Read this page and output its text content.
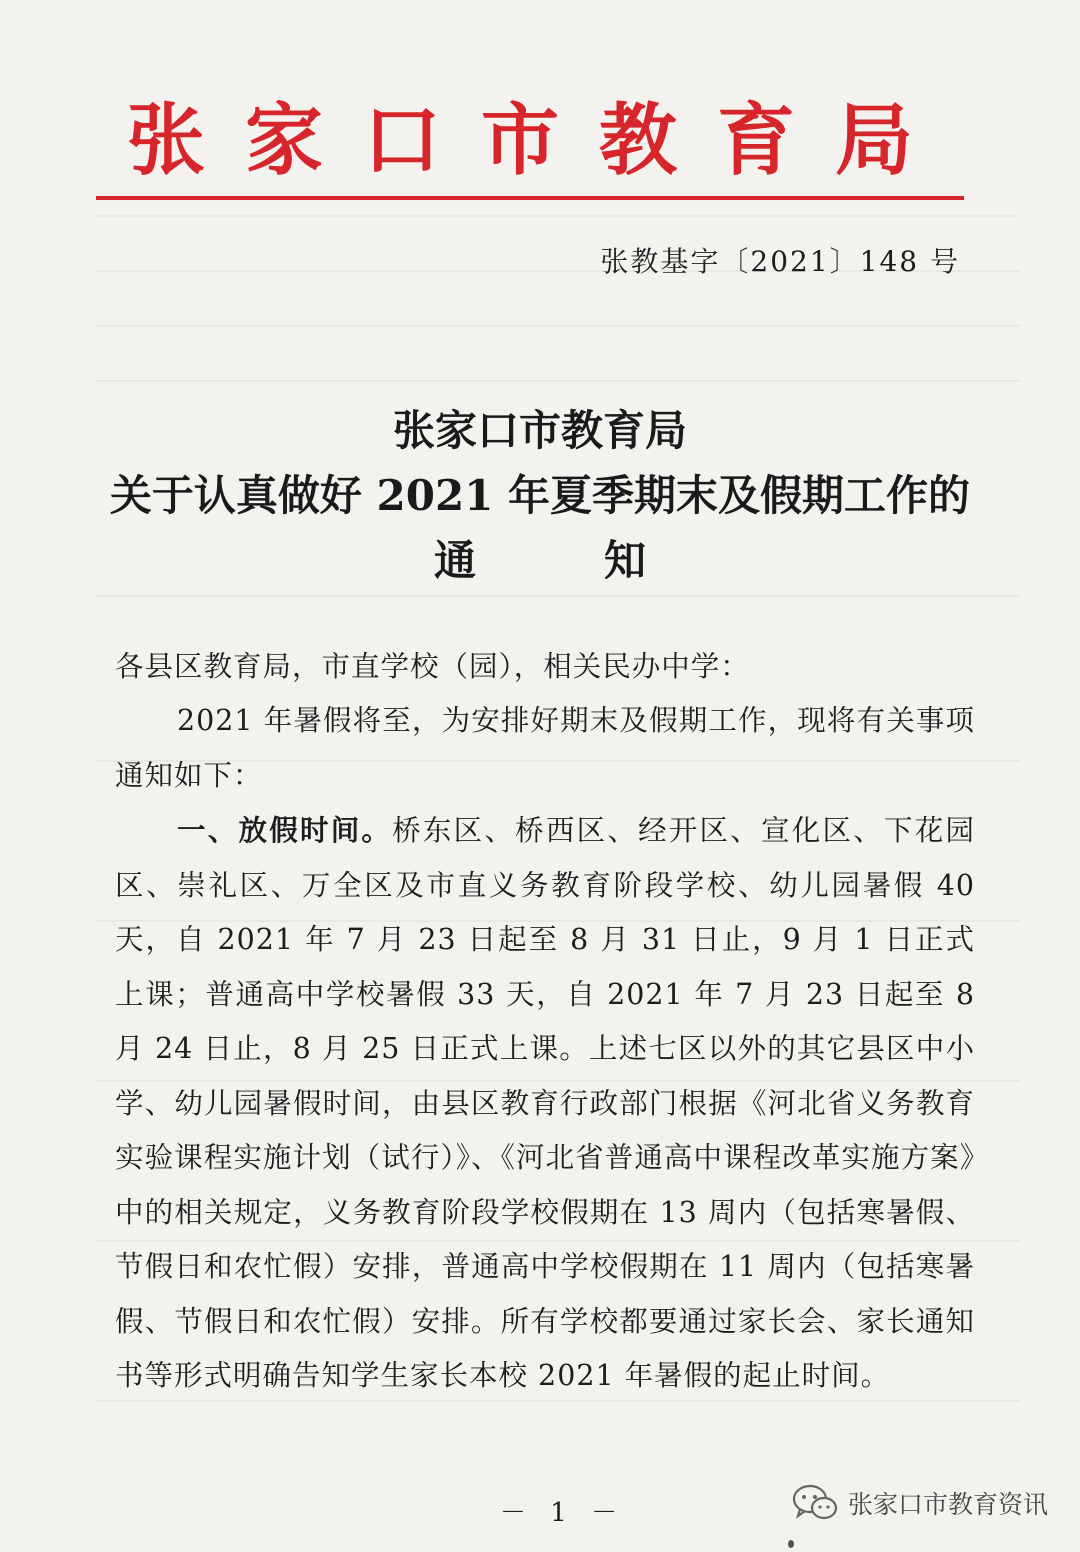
张家口市教育局
张教基字〔2021〕148 号
张家口市教育局
关于认真做好 2021 年夏季期末及假期工作的
通	知
各县区教育局，市直学校（园），相关民办中学：
2021 年暑假将至，为安排好期末及假期工作，现将有关事项通知如下：
一、放假时间。桥东区、桥西区、经开区、宣化区、下花园区、崇礼区、万全区及市直义务教育阶段学校、幼儿园暑假 40 天，自 2021 年 7 月 23 日起至 8 月 31 日止，9 月 1 日正式上课；普通高中学校暑假 33 天，自 2021 年 7 月 23 日起至 8 月 24 日止，8 月 25 日正式上课。上述七区以外的其它县区中小学、幼儿园暑假时间，由县区教育行政部门根据《河北省义务教育实验课程实施计划（试行）》、《河北省普通高中课程改革实施方案》中的相关规定，义务教育阶段学校假期在 13 周内（包括寒暑假、节假日和农忙假）安排，普通高中学校假期在 11 周内（包括寒暑假、节假日和农忙假）安排。所有学校都要通过家长会、家长通知书等形式明确告知学生家长本校 2021 年暑假的起止时间。
－ 1 －	张家口市教育资讯
